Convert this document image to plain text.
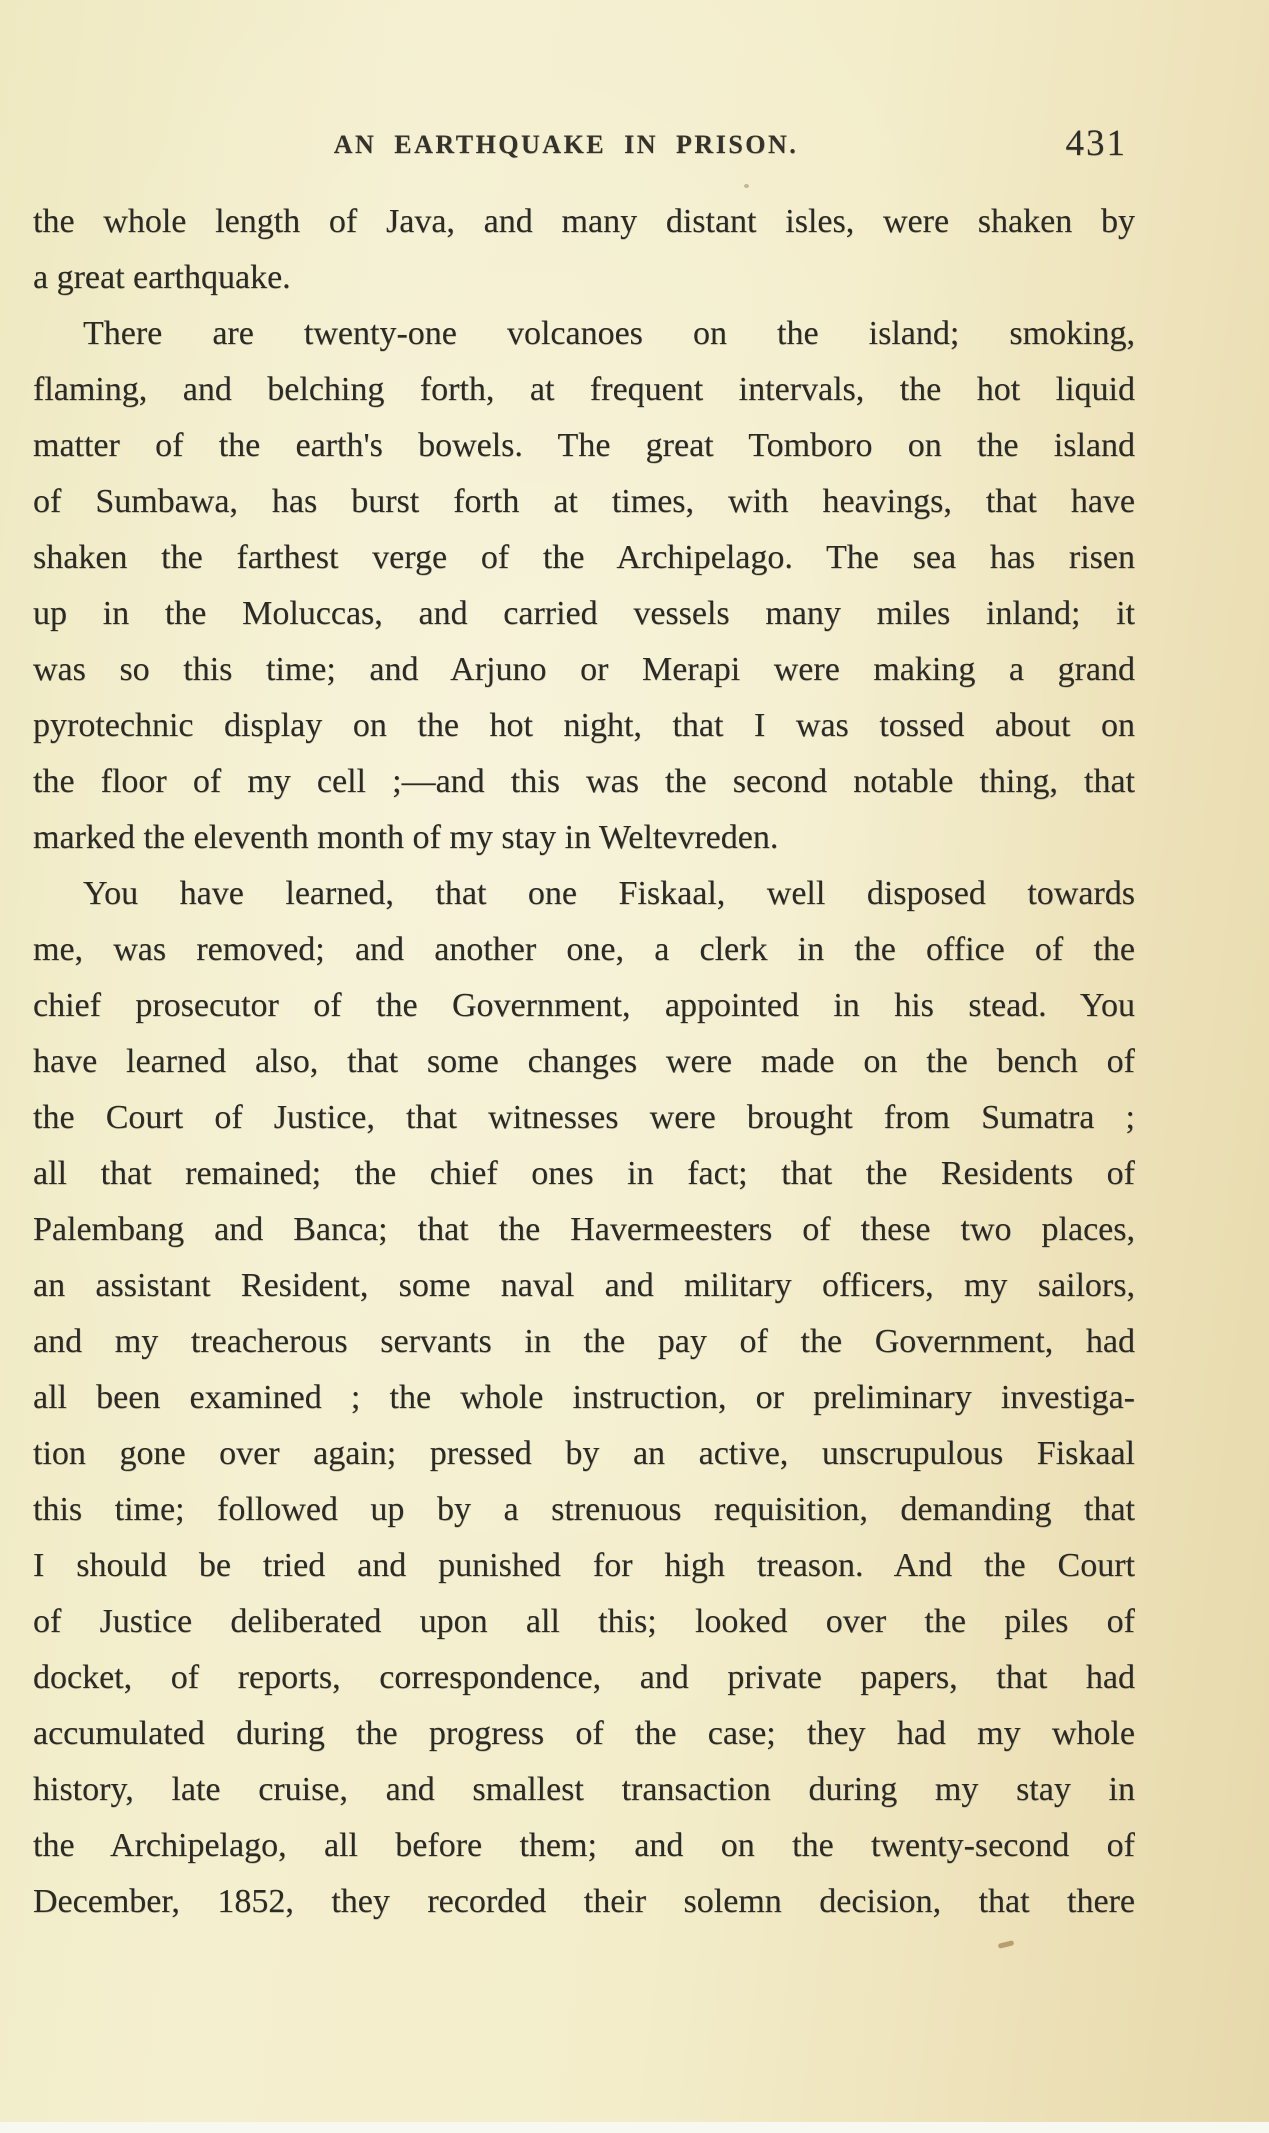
AN EARTHQUAKE IN PRISON.	431
the whole length of Java, and many distant isles, were shaken by
a great earthquake.
There are twenty-one volcanoes on the island; smoking,
flaming, and belching forth, at frequent intervals, the hot liquid
matter of the earth's bowels. The great Tomboro on the island
of Sumbawa, has burst forth at times, with heavings, that have
shaken the farthest verge of the Archipelago. The sea has risen
up in the Moluccas, and carried vessels many miles inland; it
was so this time; and Arjuno or Merapi were making a grand
pyrotechnic display on the hot night, that I was tossed about on
the floor of my cell ;—and this was the second notable thing, that
marked the eleventh month of my stay in Weltevreden.
You have learned, that one Fiskaal, well disposed towards
me, was removed; and another one, a clerk in the office of the
chief prosecutor of the Government, appointed in his stead. You
have learned also, that some changes were made on the bench of
the Court of Justice, that witnesses were brought from Sumatra ;
all that remained; the chief ones in fact; that the Residents of
Palembang and Banca; that the Havermeesters of these two places,
an assistant Resident, some naval and military officers, my sailors,
and my treacherous servants in the pay of the Government, had
all been examined ; the whole instruction, or preliminary investiga-
tion gone over again; pressed by an active, unscrupulous Fiskaal
this time; followed up by a strenuous requisition, demanding that
I should be tried and punished for high treason. And the Court
of Justice deliberated upon all this; looked over the piles of
docket, of reports, correspondence, and private papers, that had
accumulated during the progress of the case; they had my whole
history, late cruise, and smallest transaction during my stay in
the Archipelago, all before them; and on the twenty-second of
December, 1852, they recorded their solemn decision, that there
